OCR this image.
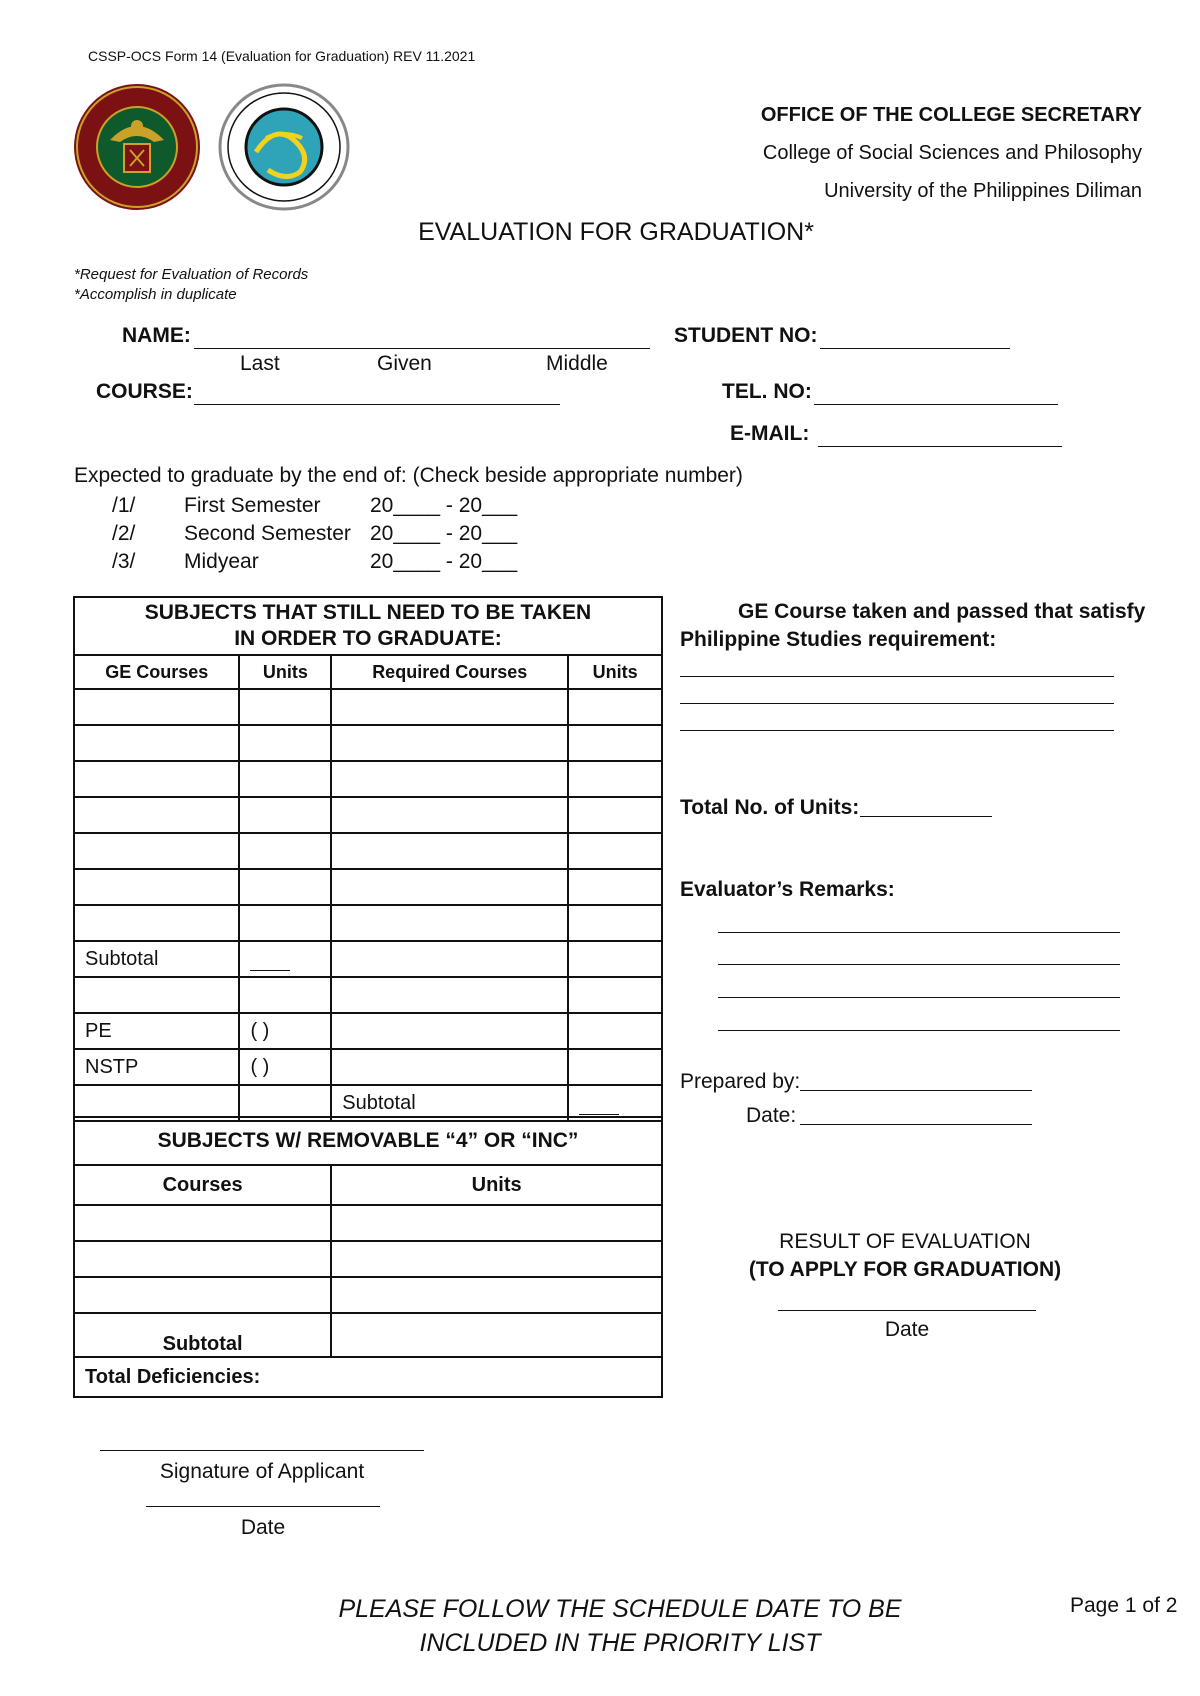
CSSP-OCS Form 14 (Evaluation for Graduation) REV 11.2021
OFFICE OF THE COLLEGE SECRETARY
College of Social Sciences and Philosophy
University of the Philippines Diliman
EVALUATION FOR GRADUATION*
*Request for Evaluation of Records
*Accomplish in duplicate
NAME:
Last	Given	Middle
COURSE:
STUDENT NO:
TEL. NO:
E-MAIL:
Expected to graduate by the end of: (Check beside appropriate number)
/1/ First Semester 20____ - 20___
/2/ Second Semester 20____ - 20___
/3/ Midyear	20____ - 20___
SUBJECTS THAT STILL NEED TO BE TAKEN
IN ORDER TO GRADUATE:			

GE Courses	Units	Required Courses	Units

Subtotal			

PE	( )		
NSTP	( )		
		Subtotal	
SUBJECTS W/ REMOVABLE “4” OR “INC”	
Courses	Units

Subtotal	
Total Deficiencies:	
GE Course taken and passed that satisfy
Philippine Studies requirement:
Total No. of Units:
Evaluator’s Remarks:
Prepared by:
Date:
RESULT OF EVALUATION
(TO APPLY FOR GRADUATION)
Date
Signature of Applicant
Date
PLEASE FOLLOW THE SCHEDULE DATE TO BE
INCLUDED IN THE PRIORITY LIST
Page 1 of 2
